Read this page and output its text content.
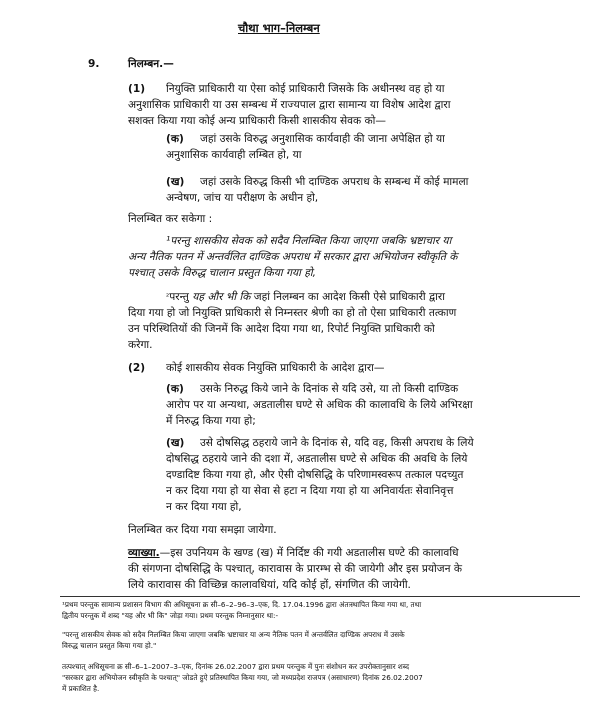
चौथा भाग–निलम्बन
9.	निलम्बन.—
(1) नियुक्ति प्राधिकारी या ऐसा कोई प्राधिकारी जिसके कि अधीनस्थ वह हो या
अनुशासिक प्राधिकारी या उस सम्बन्ध में राज्यपाल द्वारा सामान्य या विशेष आदेश द्वारा
सशक्त किया गया कोई अन्य प्राधिकारी किसी शासकीय सेवक को—
(क) जहां उसके विरुद्ध अनुशासिक कार्यवाही की जाना अपेक्षित हो या
अनुशासिक कार्यवाही लम्बित हो, या
(ख) जहां उसके विरुद्ध किसी भी दाण्डिक अपराध के सम्बन्ध में कोई मामला
अन्वेषण, जांच या परीक्षण के अधीन हो,
निलम्बित कर सकेगा :
¹परन्तु शासकीय सेवक को सदैव निलम्बित किया जाएगा जबकि भ्रष्टाचार या
अन्य नैतिक पतन में अन्तर्वलित दाण्डिक अपराध में सरकार द्वारा अभियोजन स्वीकृति के
पश्चात् उसके विरुद्ध चालान प्रस्तुत किया गया हो,
$^{^2}$परन्तु यह और भी कि जहां निलम्बन का आदेश किसी ऐसे प्राधिकारी द्वारा
दिया गया हो जो नियुक्ति प्राधिकारी से निम्नस्तर श्रेणी का हो तो ऐसा प्राधिकारी तत्काण
उन परिस्थितियों की जिनमें कि आदेश दिया गया था, रिपोर्ट नियुक्ति प्राधिकारी को
करेगा.
(2) कोई शासकीय सेवक नियुक्ति प्राधिकारी के आदेश द्वारा—
(क) उसके निरुद्ध किये जाने के दिनांक से यदि उसे, या तो किसी दाण्डिक
आरोप पर या अन्यथा, अडतालीस घण्टे से अधिक की कालावधि के लिये अभिरक्षा
में निरुद्ध किया गया हो;
(ख) उसे दोषसिद्ध ठहराये जाने के दिनांक से, यदि वह, किसी अपराध के लिये
दोषसिद्ध ठहराये जाने की दशा में, अडतालीस घण्टे से अधिक की अवधि के लिये
दण्डादिष्ट किया गया हो, और ऐसी दोषसिद्धि के परिणामस्वरूप तत्काल पदच्युत
न कर दिया गया हो या सेवा से हटा न दिया गया हो या अनिवार्यतः सेवानिवृत्त
न कर दिया गया हो,
निलम्बित कर दिया गया समझा जायेगा.
व्याख्या.—इस उपनियम के खण्ड (ख) में निर्दिष्ट की गयी अडतालीस घण्टे की कालावधि
की संगणना दोषसिद्धि के पश्चात्, कारावास के प्रारम्भ से की जायेगी और इस प्रयोजन के
लिये कारावास की विच्छिन्न कालावधियां, यदि कोई हों, संगणित की जायेगी.
¹प्रथम परन्तुक सामान्य प्रशासन विभाग की अधिसूचना क्र सी–6–2–96–3–एक, दि. 17.04.1996 द्वारा अंतःस्थापित किया गया था, तथा
द्वितीय परन्तुक में शब्द "यह और भी कि" जोड़ा गया। प्रथम परन्तुक निम्नानुसार था:-
"परन्तु शासकीय सेवक को सदैव निलम्बित किया जाएगा जबकि भ्रष्टाचार या अन्य नैतिक पतन में अन्तर्वलित दाण्डिक अपराध में उसके
विरुद्ध चालान प्रस्तुत किया गया हो."
तत्पश्चात् अधिसूचना क्र सी–6–1–2007–3–एक, दिनांक 26.02.2007 द्वारा प्रथम परन्तुक में पुनः संशोधन कर उपरोक्तानुसार शब्द
"सरकार द्वारा अभियोजन स्वीकृति के पश्चात्" जोडते हुऐ प्रतिस्थापित किया गया, जो मध्यप्रदेश राजपत्र (असाधारण) दिनांक 26.02.2007
में प्रकाशित है.
